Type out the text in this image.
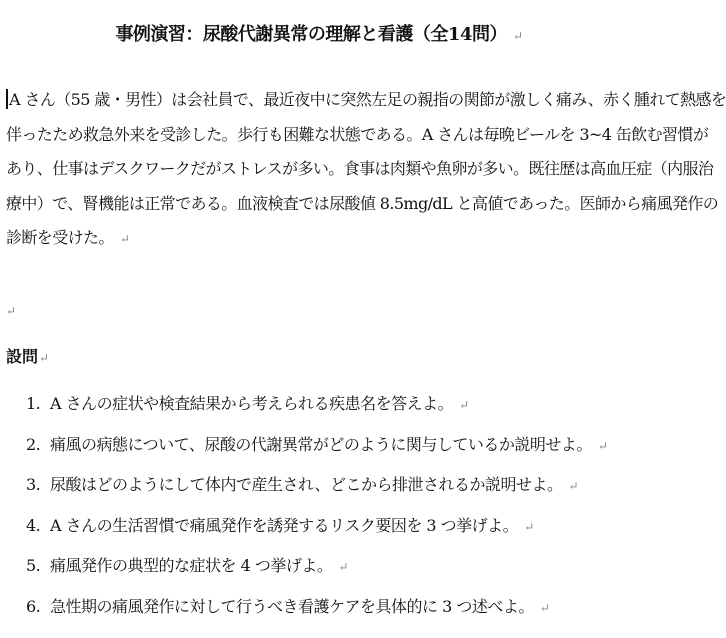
事例演習：尿酸代謝異常の理解と看護（全14問） ↵
A さん（55 歳・男性）は会社員で、最近夜中に突然左足の親指の関節が激しく痛み、赤く腫れて熱感を
伴ったため救急外来を受診した。歩行も困難な状態である。A さんは毎晩ビールを 3~4 缶飲む習慣が
あり、仕事はデスクワークだがストレスが多い。食事は肉類や魚卵が多い。既往歴は高血圧症（内服治
療中）で、腎機能は正常である。血液検査では尿酸値 8.5mg/dL と高値であった。医師から痛風発作の
診断を受けた。 ↵
↵
設問↵
1. A さんの症状や検査結果から考えられる疾患名を答えよ。 ↵
2. 痛風の病態について、尿酸の代謝異常がどのように関与しているか説明せよ。 ↵
3. 尿酸はどのようにして体内で産生され、どこから排泄されるか説明せよ。 ↵
4. A さんの生活習慣で痛風発作を誘発するリスク要因を 3 つ挙げよ。 ↵
5. 痛風発作の典型的な症状を 4 つ挙げよ。 ↵
6. 急性期の痛風発作に対して行うべき看護ケアを具体的に 3 つ述べよ。 ↵
